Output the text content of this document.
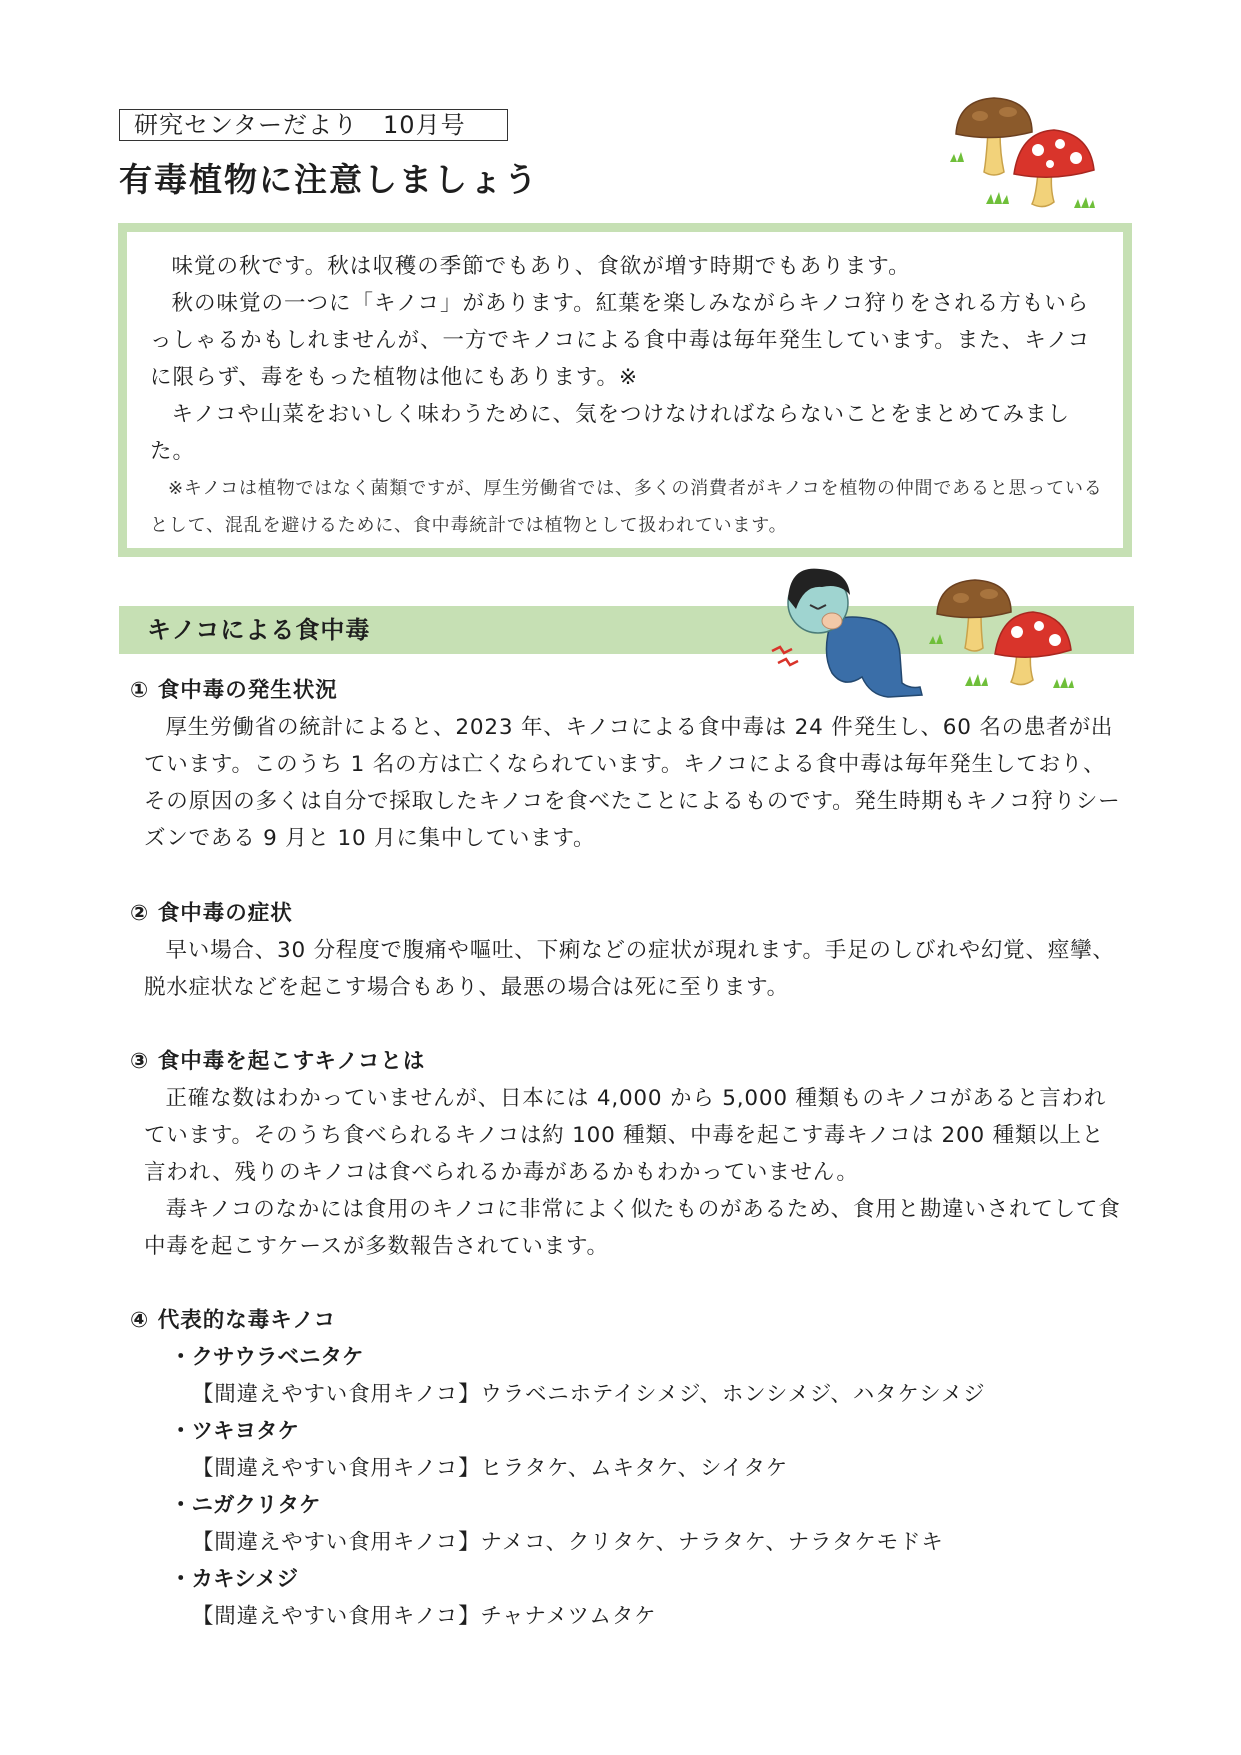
研究センターだより　10月号
有毒植物に注意しましょう

味覚の秋です。秋は収穫の季節でもあり、食欲が増す時期でもあります。

秋の味覚の一つに「キノコ」があります。紅葉を楽しみながらキノコ狩りをされる方もいらっしゃるかもしれませんが、一方でキノコによる食中毒は毎年発生しています。また、キノコに限らず、毒をもった植物は他にもあります。※

キノコや山菜をおいしく味わうために、気をつけなければならないことをまとめてみました。

※キノコは植物ではなく菌類ですが、厚生労働省では、多くの消費者がキノコを植物の仲間であると思っているとして、混乱を避けるために、食中毒統計では植物として扱われています。

キノコによる食中毒
① 食中毒の発生状況

厚生労働省の統計によると、2023 年、キノコによる食中毒は 24 件発生し、60 名の患者が出ています。このうち 1 名の方は亡くなられています。キノコによる食中毒は毎年発生しており、その原因の多くは自分で採取したキノコを食べたことによるものです。発生時期もキノコ狩りシーズンである 9 月と 10 月に集中しています。

② 食中毒の症状

早い場合、30 分程度で腹痛や嘔吐、下痢などの症状が現れます。手足のしびれや幻覚、痙攣、脱水症状などを起こす場合もあり、最悪の場合は死に至ります。

③ 食中毒を起こすキノコとは

正確な数はわかっていませんが、日本には 4,000 から 5,000 種類ものキノコがあると言われています。そのうち食べられるキノコは約 100 種類、中毒を起こす毒キノコは 200 種類以上と言われ、残りのキノコは食べられるか毒があるかもわかっていません。

毒キノコのなかには食用のキノコに非常によく似たものがあるため、食用と勘違いされてして食中毒を起こすケースが多数報告されています。

④ 代表的な毒キノコ
・クサウラベニタケ
【間違えやすい食用キノコ】ウラベニホテイシメジ、ホンシメジ、ハタケシメジ
・ツキヨタケ
【間違えやすい食用キノコ】ヒラタケ、ムキタケ、シイタケ
・ニガクリタケ
【間違えやすい食用キノコ】ナメコ、クリタケ、ナラタケ、ナラタケモドキ
・カキシメジ
【間違えやすい食用キノコ】チャナメツムタケ
